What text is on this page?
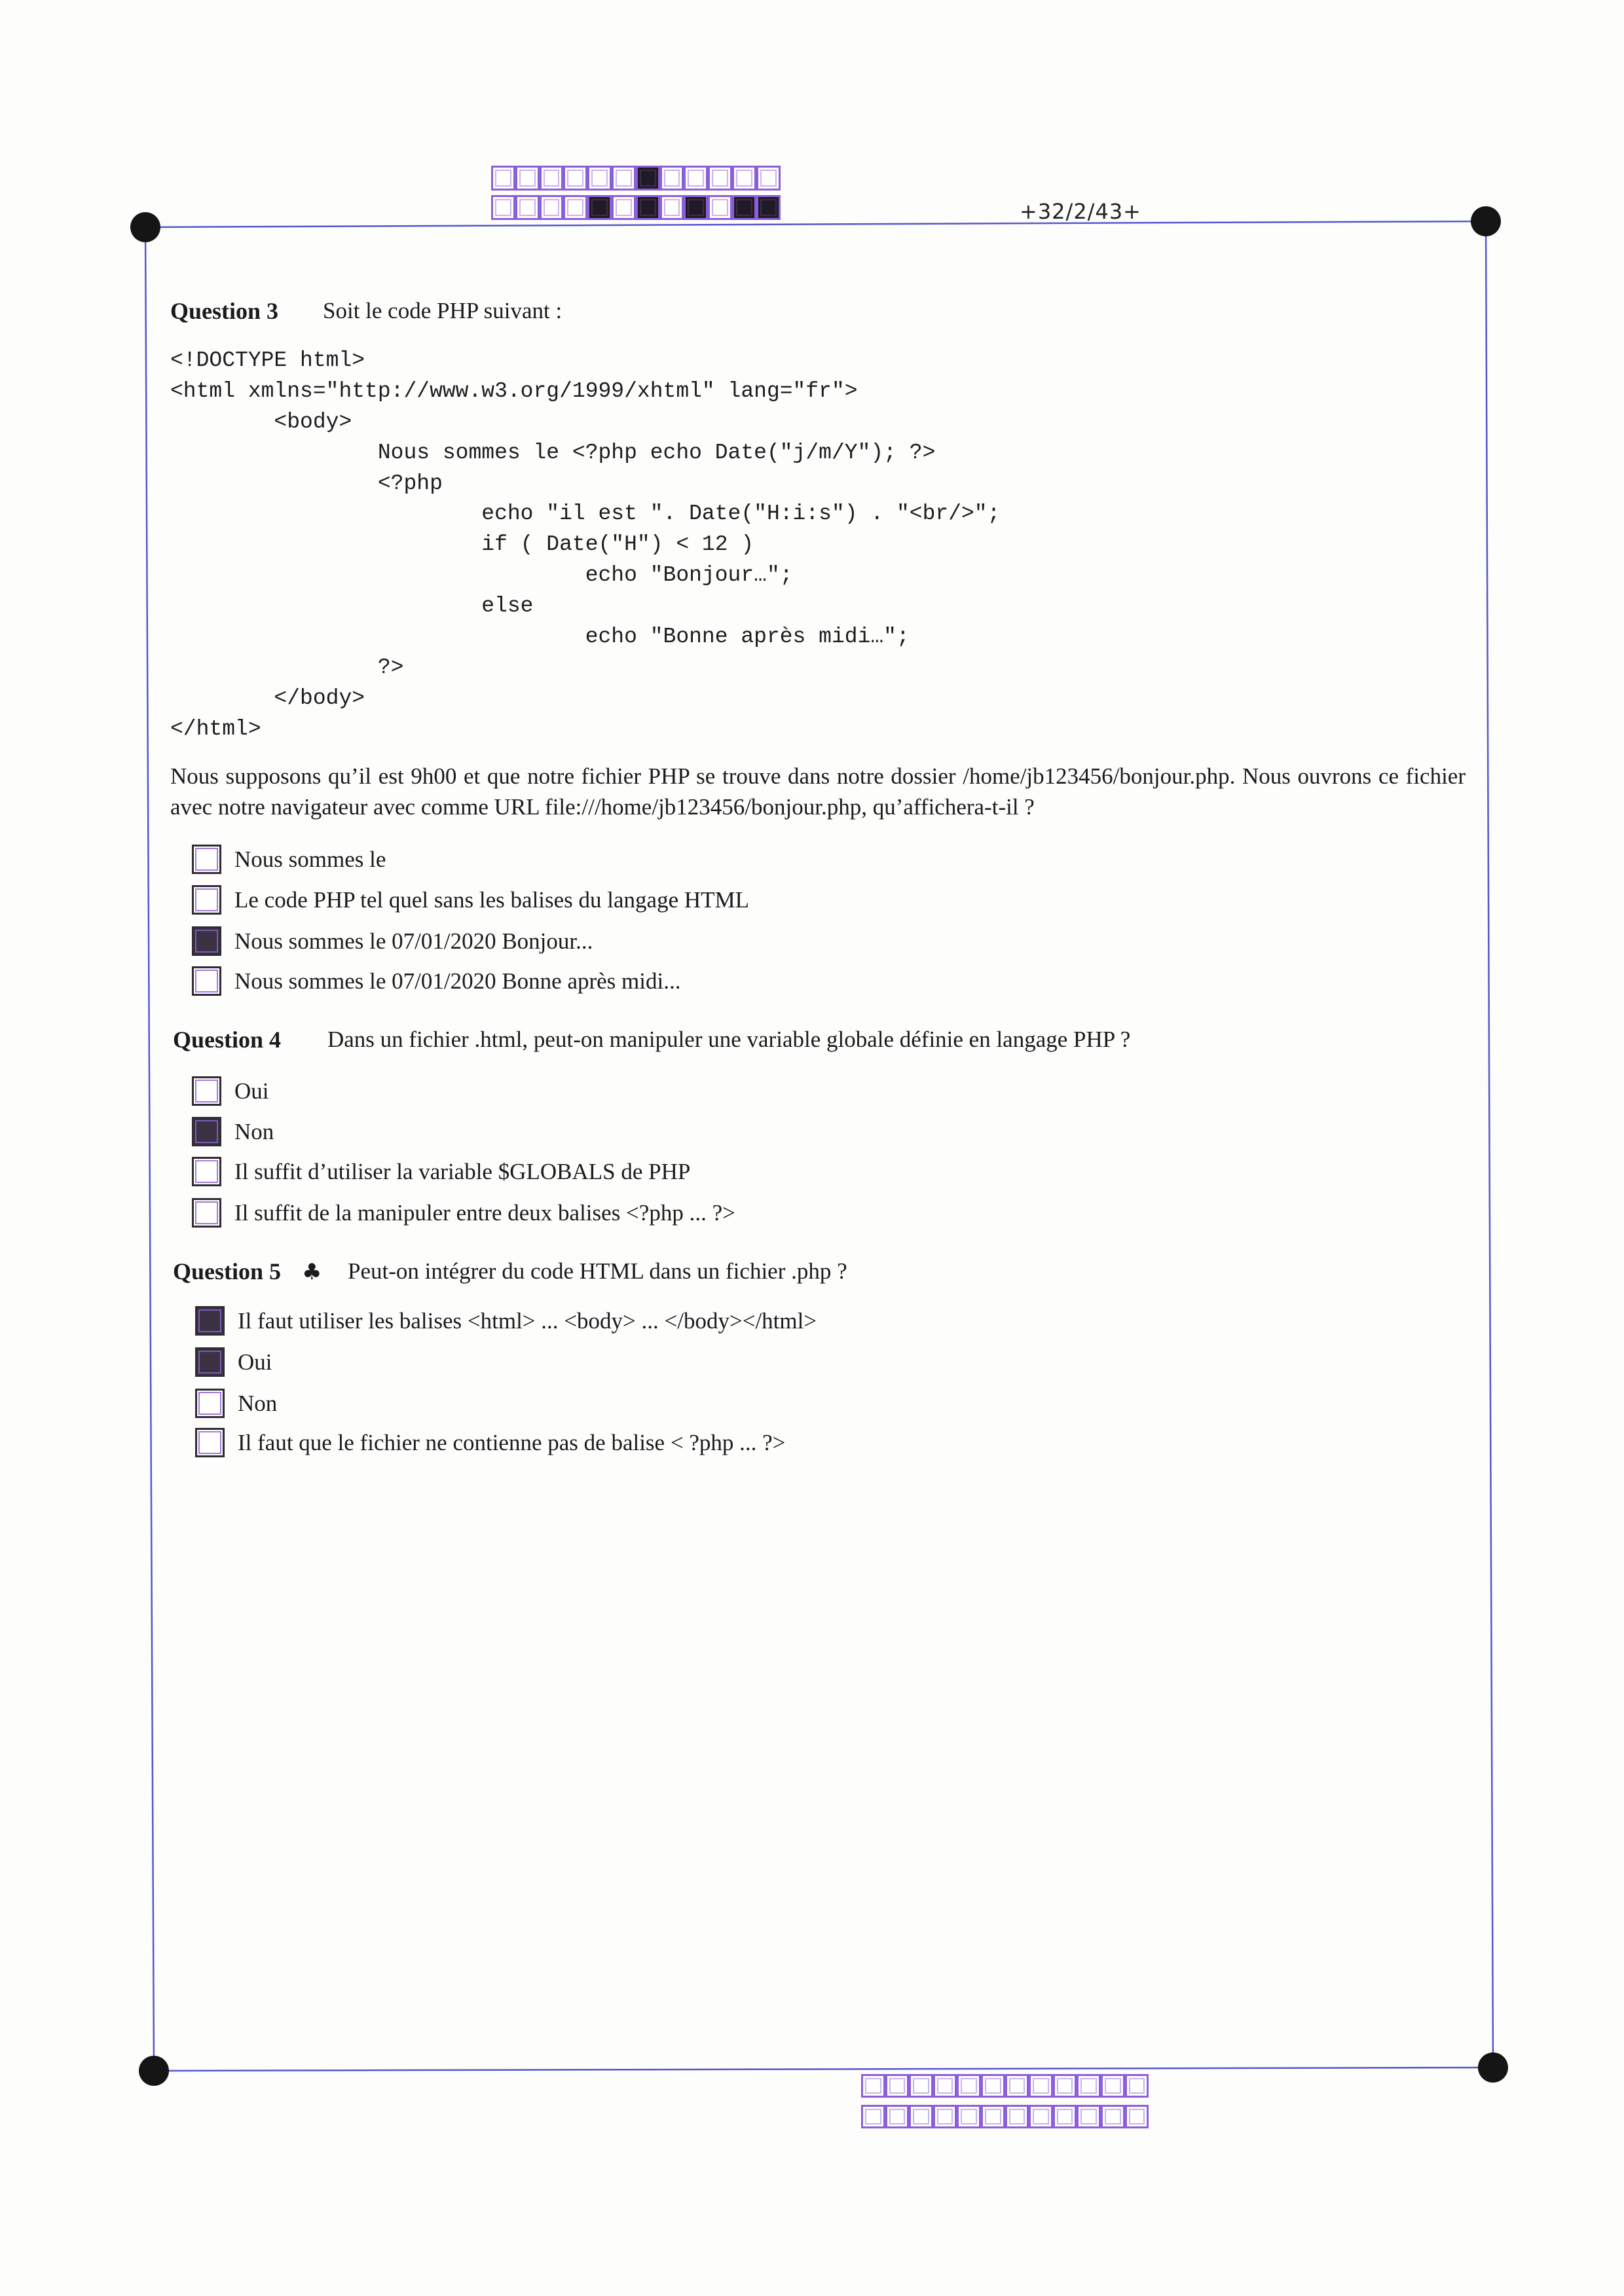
+32/2/43+
Question 3 Soit le code PHP suivant :
<!DOCTYPE html>
<html xmlns="http://www.w3.org/1999/xhtml" lang="fr">
<body>
Nous sommes le <?php echo Date("j/m/Y"); ?>
<?php
echo "il est ". Date("H:i:s") . "<br/>";
if ( Date("H") < 12 )
echo "Bonjour…";
else
echo "Bonne après midi…";
?>
</body>
</html>
Nous supposons qu’il est 9h00 et que notre fichier PHP se trouve dans notre dossier /home/jb123456/bonjour.php. Nous ouvrons ce fichier avec notre navigateur avec comme URL file:///home/jb123456/bonjour.php, qu’affichera-t-il ?
Nous sommes le
Le code PHP tel quel sans les balises du langage HTML
Nous sommes le 07/01/2020 Bonjour...
Nous sommes le 07/01/2020 Bonne après midi...
Question 4 Dans un fichier .html, peut-on manipuler une variable globale définie en langage PHP ?
Oui
Non
Il suffit d’utiliser la variable $GLOBALS de PHP
Il suffit de la manipuler entre deux balises <?php ... ?>
Question 5 ♣ Peut-on intégrer du code HTML dans un fichier .php ?
Il faut utiliser les balises <html> ... <body> ... </body></html>
Oui
Non
Il faut que le fichier ne contienne pas de balise < ?php ... ?>
